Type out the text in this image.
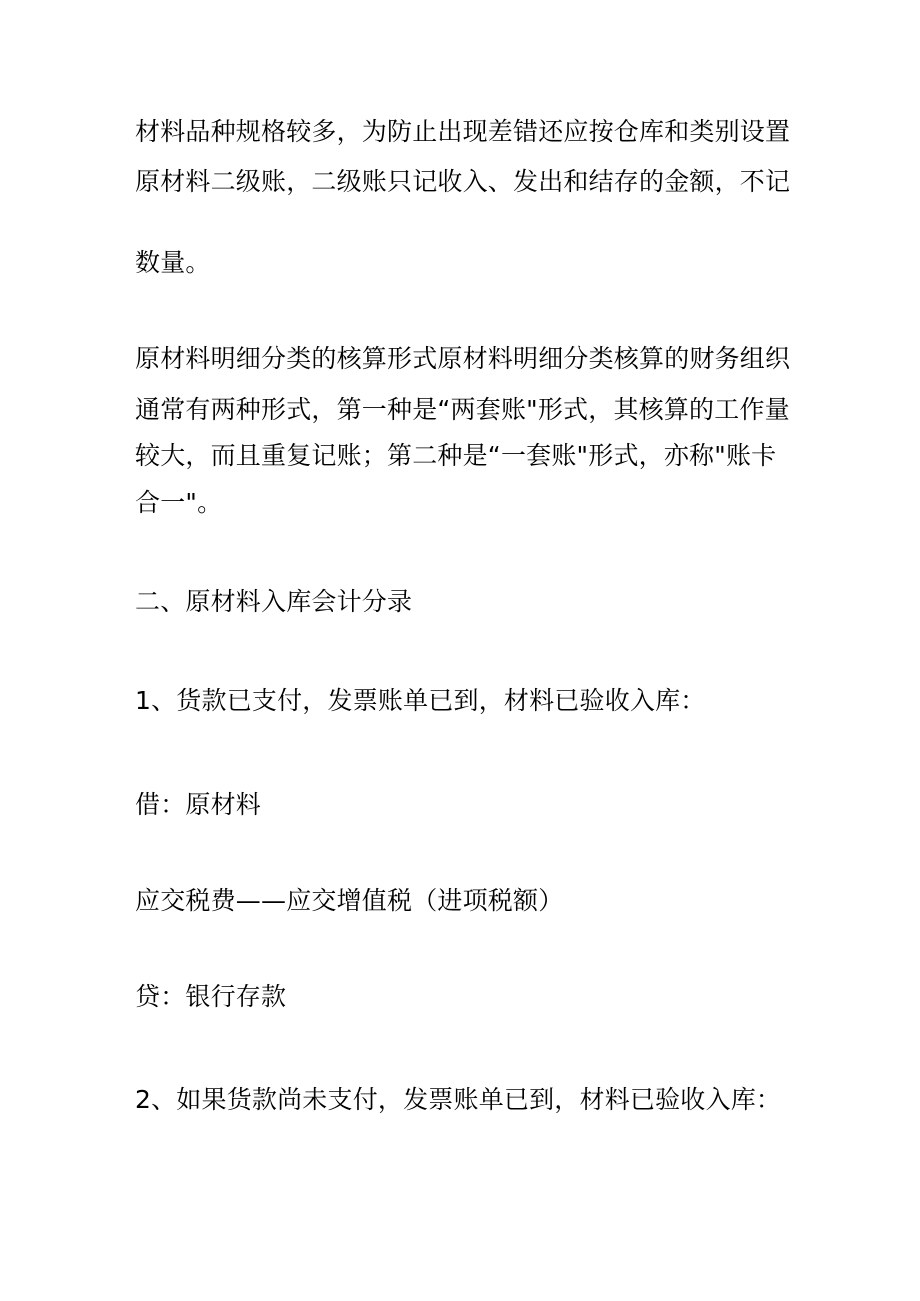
材料品种规格较多，为防止出现差错还应按仓库和类别设置
原材料二级账，二级账只记收入、发出和结存的金额，不记
数量。
原材料明细分类的核算形式原材料明细分类核算的财务组织
通常有两种形式，第一种是“两套账"形式，其核算的工作量
较大，而且重复记账；第二种是“一套账"形式，亦称"账卡
合一"。
二、原材料入库会计分录
1、货款已支付，发票账单已到，材料已验收入库：
借：原材料
应交税费——应交增值税（进项税额）
贷：银行存款
2、如果货款尚未支付，发票账单已到，材料已验收入库：
